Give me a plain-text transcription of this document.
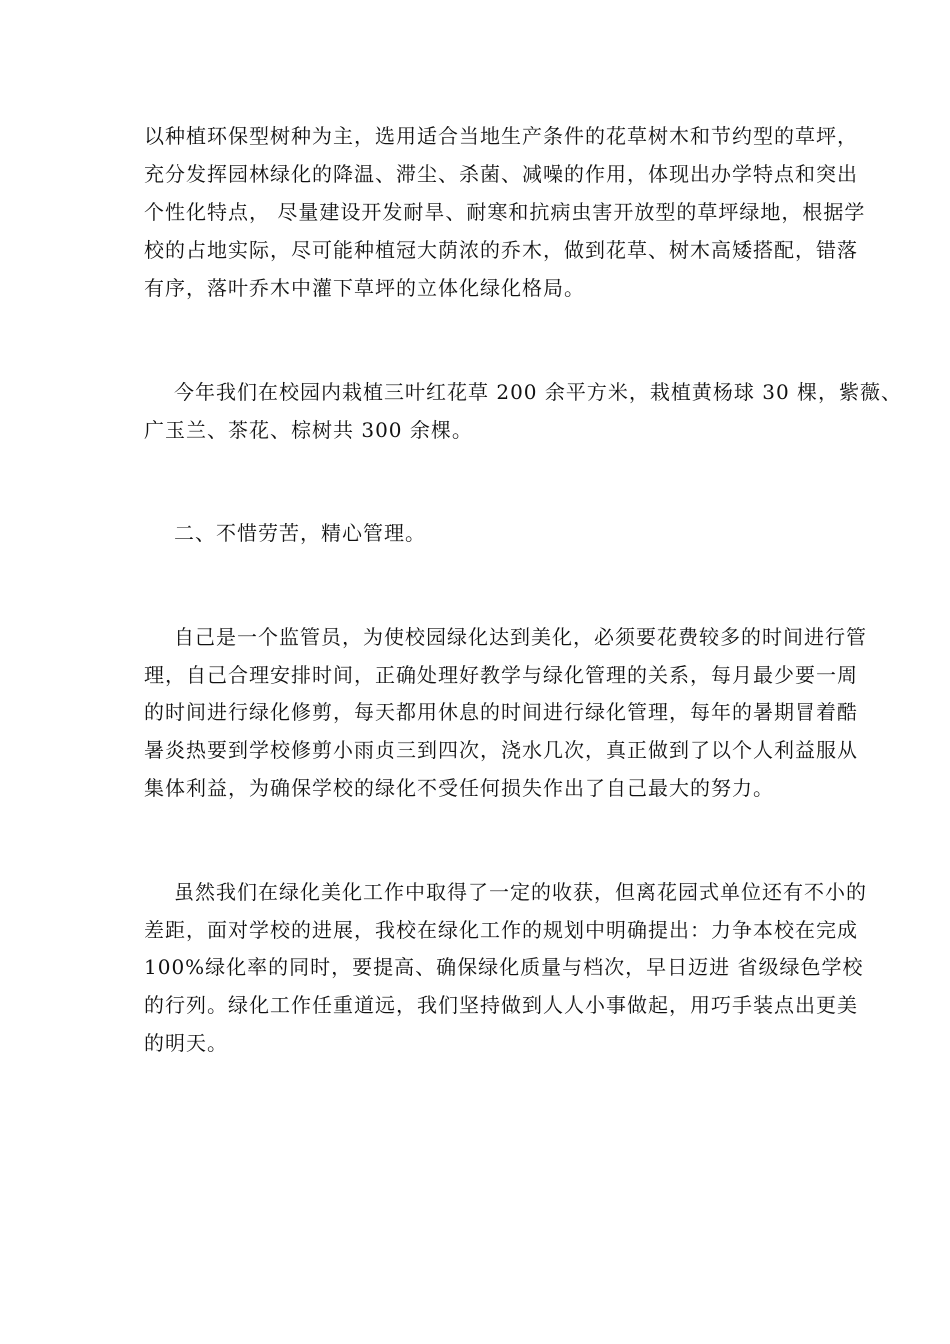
以种植环保型树种为主，选用适合当地生产条件的花草树木和节约型的草坪，
充分发挥园林绿化的降温、滞尘、杀菌、减噪的作用，体现出办学特点和突出
个性化特点， 尽量建设开发耐旱、耐寒和抗病虫害开放型的草坪绿地，根据学
校的占地实际，尽可能种植冠大荫浓的乔木，做到花草、树木高矮搭配，错落
有序，落叶乔木中灌下草坪的立体化绿化格局。
今年我们在校园内栽植三叶红花草 200 余平方米，栽植黄杨球 30 棵，紫薇、
广玉兰、茶花、棕树共 300 余棵。
二、不惜劳苦，精心管理。
自己是一个监管员，为使校园绿化达到美化，必须要花费较多的时间进行管
理，自己合理安排时间，正确处理好教学与绿化管理的关系，每月最少要一周
的时间进行绿化修剪，每天都用休息的时间进行绿化管理，每年的暑期冒着酷
暑炎热要到学校修剪小雨贞三到四次，浇水几次，真正做到了以个人利益服从
集体利益，为确保学校的绿化不受任何损失作出了自己最大的努力。
虽然我们在绿化美化工作中取得了一定的收获，但离花园式单位还有不小的
差距，面对学校的进展，我校在绿化工作的规划中明确提出：力争本校在完成
100%绿化率的同时，要提高、确保绿化质量与档次，早日迈进 省级绿色学校
的行列。绿化工作任重道远，我们坚持做到人人小事做起，用巧手装点出更美
的明天。
